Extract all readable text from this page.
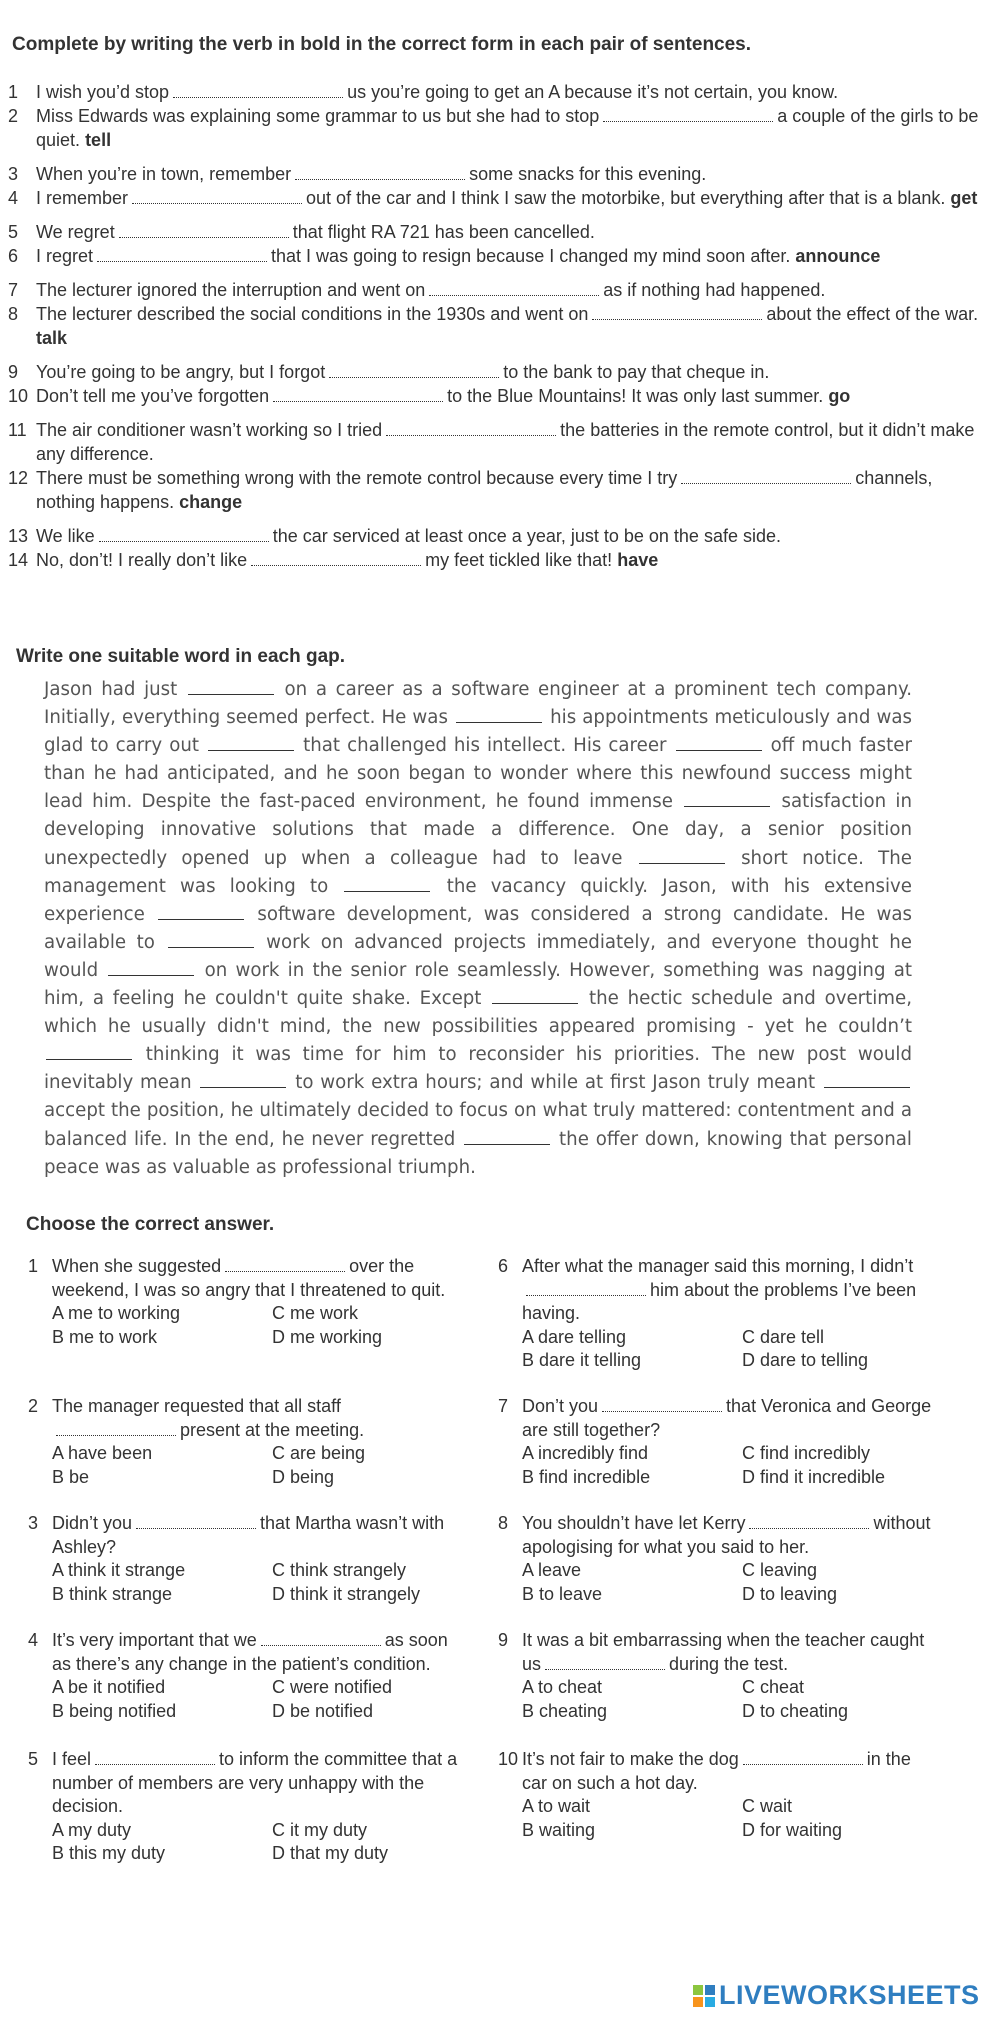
Complete by writing the verb in bold in the correct form in each pair of sentences.
1 I wish you’d stop	us you’re going to get an A because it’s not certain, you know.
2 Miss Edwards was explaining some grammar to us but she had to stop	a couple of the girls to be quiet. tell
3 When you’re in town, remember	some snacks for this evening.
4 I remember	out of the car and I think I saw the motorbike, but everything after that is a blank. get
5 We regret	that flight RA 721 has been cancelled.
6 I regret	that I was going to resign because I changed my mind soon after. announce
7 The lecturer ignored the interruption and went on	as if nothing had happened.
8 The lecturer described the social conditions in the 1930s and went on	about the effect of the war. talk
9 You’re going to be angry, but I forgot	to the bank to pay that cheque in.
10 Don’t tell me you’ve forgotten	to the Blue Mountains! It was only last summer. go
11 The air conditioner wasn’t working so I tried	the batteries in the remote control, but it didn’t make any difference.
12 There must be something wrong with the remote control because every time I try	channels, nothing happens. change
13 We like	the car serviced at least once a year, just to be on the safe side.
14 No, don’t! I really don’t like	my feet tickled like that! have
Write one suitable word in each gap.
Jason had just	on a career as a software engineer at a prominent tech company. Initially, everything seemed perfect. He was	his appointments meticulously and was glad to carry out	that challenged his intellect. His career	off much faster than he had anticipated, and he soon began to wonder where this newfound success might lead him. Despite the fast-paced environment, he found immense	satisfaction in developing innovative solutions that made a difference. One day, a senior position unexpectedly opened up when a colleague had to leave	short notice. The management was looking to	the vacancy quickly. Jason, with his extensive experience	software development, was considered a strong candidate. He was available to	work on advanced projects immediately, and everyone thought he would	on work in the senior role seamlessly. However, something was nagging at him, a feeling he couldn't quite shake. Except	the hectic schedule and overtime, which he usually didn't mind, the new possibilities appeared promising - yet he couldn’t  thinking it was time for him to reconsider his priorities. The new post would inevitably mean	to work extra hours; and while at first Jason truly meant  accept the position, he ultimately decided to focus on what truly mattered: contentment and a balanced life. In the end, he never regretted	the offer down, knowing that personal peace was as valuable as professional triumph.
Choose the correct answer.
1 When she suggested	over the weekend, I was so angry that I threatened to quit.
A me to working	C me work
B me to work	D me working
2 The manager requested that all staffpresent at the meeting.
A have been	C are being
B be	D being
3 Didn’t you	that Martha wasn’t with Ashley?
A think it strange	C think strangely
B think strange	D think it strangely
4 It’s very important that we	as soon as there’s any change in the patient’s condition.
A be it notified	C were notified
B being notified	D be notified
5 I feel	to inform the committee that a number of members are very unhappy with the decision.
A my duty	C it my duty
B this my duty	D that my duty
6 After what the manager said this morning, I didn’thim about the problems I’ve been having.
A dare telling	C dare tell
B dare it telling	D dare to telling
7 Don’t you	that Veronica and George are still together?
A incredibly find	C find incredibly
B find incredible	D find it incredible
8 You shouldn’t have let Kerry	without apologising for what you said to her.
A leave	C leaving
B to leave	D to leaving
9 It was a bit embarrassing when the teacher caught us	during the test.
A to cheat	C cheat
B cheating	D to cheating
10 It’s not fair to make the dog	in the car on such a hot day.
A to wait	C wait
B waiting	D for waiting
LIVEWORKSHEETS
